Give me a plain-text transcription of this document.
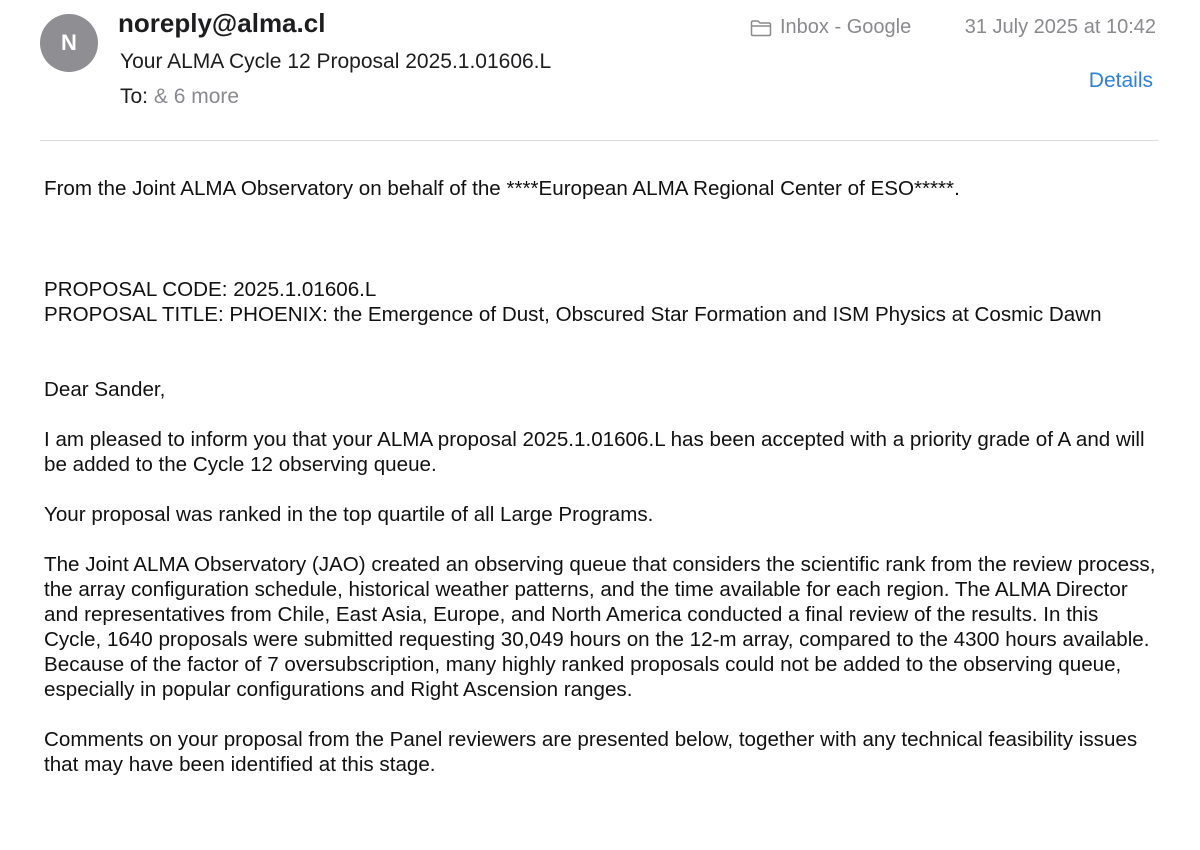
N
noreply@alma.cl
Your ALMA Cycle 12 Proposal 2025.1.01606.L
To: & 6 more
Inbox - Google	31 July 2025 at 10:42
Details

From the Joint ALMA Observatory on behalf of the ****European ALMA Regional Center of ESO*****.

PROPOSAL CODE: 2025.1.01606.L

PROPOSAL TITLE: PHOENIX: the Emergence of Dust, Obscured Star Formation and ISM Physics at Cosmic Dawn

Dear Sander,

I am pleased to inform you that your ALMA proposal 2025.1.01606.L has been accepted with a priority grade of A and will be added to the Cycle 12 observing queue.

Your proposal was ranked in the top quartile of all Large Programs.

The Joint ALMA Observatory (JAO) created an observing queue that considers the scientific rank from the review process, the array configuration schedule, historical weather patterns, and the time available for each region. The ALMA Director and representatives from Chile, East Asia, Europe, and North America conducted a final review of the results. In this Cycle, 1640 proposals were submitted requesting 30,049 hours on the 12-m array, compared to the 4300 hours available. Because of the factor of 7 oversubscription, many highly ranked proposals could not be added to the observing queue, especially in popular configurations and Right Ascension ranges.

Comments on your proposal from the Panel reviewers are presented below, together with any technical feasibility issues that may have been identified at this stage.
